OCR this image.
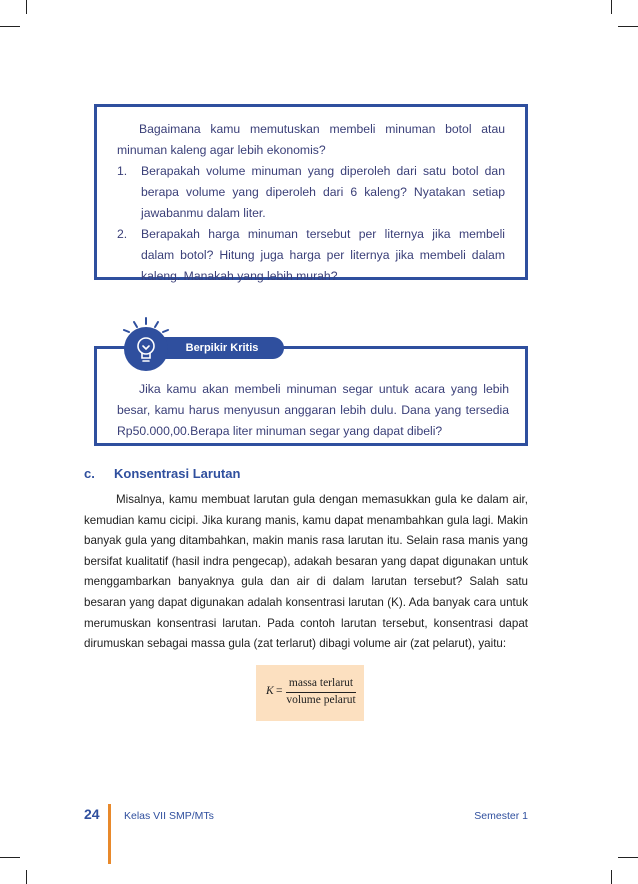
Bagaimana kamu memutuskan membeli minuman botol atau
minuman kaleng agar lebih ekonomis?
1. Berapakah volume minuman yang diperoleh dari satu botol dan berapa volume yang diperoleh dari 6 kaleng? Nyatakan setiap jawabanmu dalam liter.
2. Berapakah harga minuman tersebut per liternya jika membeli dalam botol? Hitung juga harga per liternya jika membeli dalam kaleng. Manakah yang lebih murah?
Jika kamu akan membeli minuman segar untuk acara yang lebih besar, kamu harus menyusun anggaran lebih dulu. Dana yang tersedia Rp50.000,00.Berapa liter minuman segar yang dapat dibeli?
Berpikir Kritis
c. Konsentrasi Larutan

Misalnya, kamu membuat larutan gula dengan memasukkan gula ke dalam air, kemudian kamu cicipi. Jika kurang manis, kamu dapat menambahkan gula lagi. Makin banyak gula yang ditambahkan, makin manis rasa larutan itu. Selain rasa manis yang bersifat kualitatif (hasil indra pengecap), adakah besaran yang dapat digunakan untuk menggambarkan banyaknya gula dan air di dalam larutan tersebut? Salah satu besaran yang dapat digunakan adalah konsentrasi larutan (K). Ada banyak cara untuk merumuskan konsentrasi larutan. Pada contoh larutan tersebut, konsentrasi dapat dirumuskan sebagai massa gula (zat terlarut) dibagi volume air (zat pelarut), yaitu:

K =
massa terlarut
volume pelarut
24 Kelas VII SMP/MTs	Semester 1
